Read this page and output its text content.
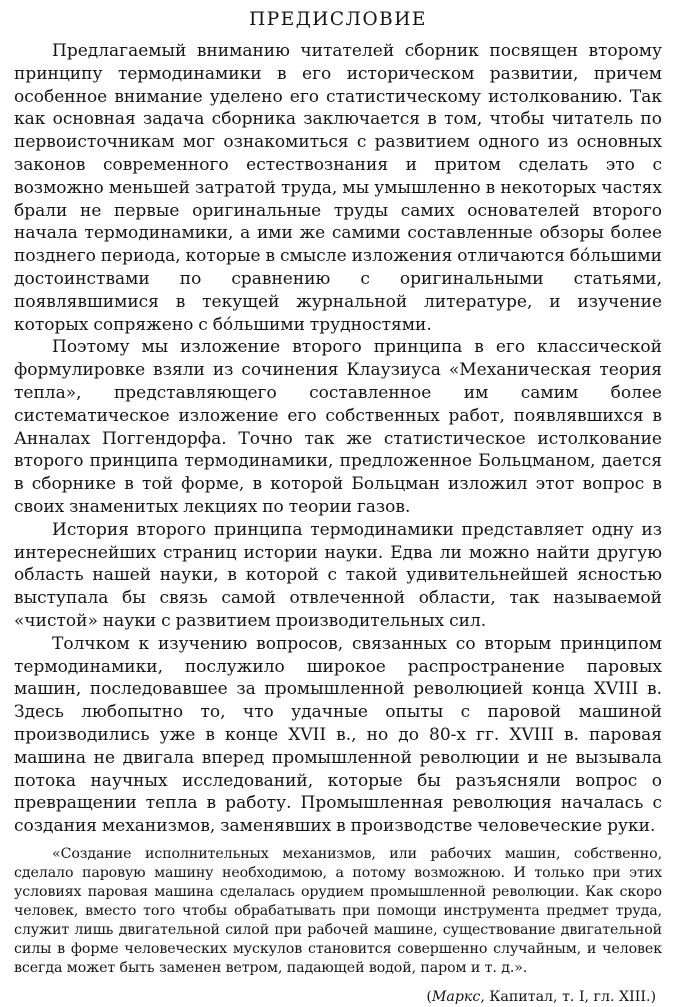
ПРЕДИСЛОВИЕ

Предлагаемый вниманию читателей сборник посвящен второму принципу термодинамики в его историческом развитии, причем особенное внимание уделено его статистическому истолкованию. Так как основная задача сборника заключается в том, чтобы читатель по первоисточникам мог ознакомиться с развитием одного из основных законов современного естествознания и притом сделать это с возможно меньшей затратой труда, мы умышленно в некоторых частях брали не первые оригинальные труды самих основателей второго начала термодинамики, а ими же самими составленные обзоры более позднего периода, которые в смысле изложения отличаются бо́льшими достоинствами по сравнению с оригинальными статьями, появлявшимися в текущей журнальной литературе, и изучение которых сопряжено с бо́льшими трудностями.

Поэтому мы изложение второго принципа в его классической формулировке взяли из сочинения Клаузиуса «Механическая теория тепла», представляющего составленное им самим более систематическое изложение его собственных работ, появлявшихся в Анналах Поггендорфа. Точно так же статистическое истолкование второго принципа термодинамики, предложенное Больцманом, дается в сборнике в той форме, в которой Больцман изложил этот вопрос в своих знаменитых лекциях по теории газов.

История второго принципа термодинамики представляет одну из интереснейших страниц истории науки. Едва ли можно найти другую область нашей науки, в которой с такой удивительнейшей ясностью выступала бы связь самой отвлеченной области, так называемой «чистой» науки с развитием производительных сил.

Толчком к изучению вопросов, связанных со вторым принципом термодинамики, послужило широкое распространение паровых машин, последовавшее за промышленной революцией конца XVIII в. Здесь любопытно то, что удачные опыты с паровой машиной производились уже в конце XVII в., но до 80-х гг. XVIII в. паровая машина не двигала вперед промышленной революции и не вызывала потока научных исследований, которые бы разъясняли вопрос о превращении тепла в работу. Промышленная революция началась с создания механизмов, заменявших в производстве человеческие руки.

«Создание исполнительных механизмов, или рабочих машин, собственно, сделало паровую машину необходимою, а потому возможною. И только при этих условиях паровая машина сделалась орудием промышленной революции. Как скоро человек, вместо того чтобы обрабатывать при помощи инструмента предмет труда, служит лишь двигательной силой при рабочей машине, существование двигательной силы в форме человеческих мускулов становится совершенно случайным, и человек всегда может быть заменен ветром, падающей водой, паром и т. д.».

(Маркс, Капитал, т. I, гл. XIII.)
